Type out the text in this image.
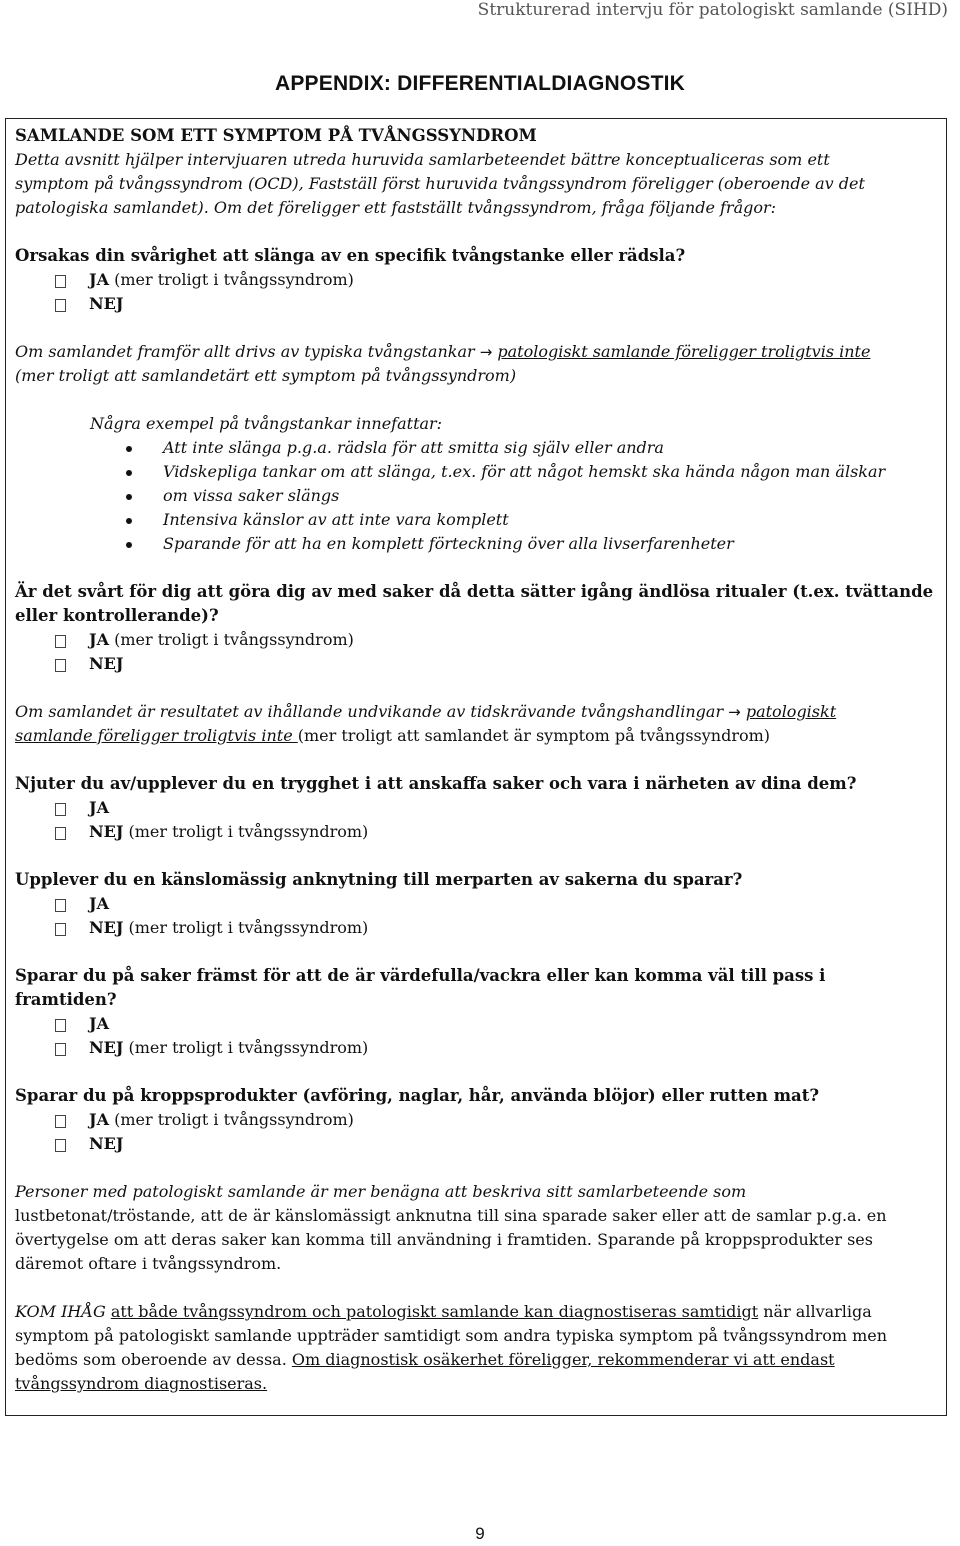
Strukturerad intervju för patologiskt samlande (SIHD)
APPENDIX: DIFFERENTIALDIAGNOSTIK

SAMLANDE SOM ETT SYMPTOM PÅ TVÅNGSSYNDROM

Detta avsnitt hjälper intervjuaren utreda huruvida samlarbeteendet bättre konceptualiceras som ett

symptom på tvångssyndrom (OCD), Fastställ först huruvida tvångssyndrom föreligger (oberoende av det

patologiska samlandet). Om det föreligger ett fastställt tvångssyndrom, fråga följande frågor:

Orsakas din svårighet att slänga av en specifik tvångstanke eller rädsla?

JA (mer troligt i tvångssyndrom)

NEJ

Om samlandet framför allt drivs av typiska tvångstankar → patologiskt samlande föreligger troligtvis inte

(mer troligt att samlandetärt ett symptom på tvångssyndrom)

Några exempel på tvångstankar innefattar:

Att inte slänga p.g.a. rädsla för att smitta sig själv eller andra
Vidskepliga tankar om att slänga, t.ex. för att något hemskt ska hända någon man älskar
om vissa saker slängs
Intensiva känslor av att inte vara komplett
Sparande för att ha en komplett förteckning över alla livserfarenheter

Är det svårt för dig att göra dig av med saker då detta sätter igång ändlösa ritualer (t.ex. tvättande

eller kontrollerande)?

JA (mer troligt i tvångssyndrom)

NEJ

Om samlandet är resultatet av ihållande undvikande av tidskrävande tvångshandlingar → patologiskt

samlande föreligger troligtvis inte (mer troligt att samlandet är symptom på tvångssyndrom)

Njuter du av/upplever du en trygghet i att anskaffa saker och vara i närheten av dina dem?

JA

NEJ (mer troligt i tvångssyndrom)

Upplever du en känslomässig anknytning till merparten av sakerna du sparar?

JA

NEJ (mer troligt i tvångssyndrom)

Sparar du på saker främst för att de är värdefulla/vackra eller kan komma väl till pass i

framtiden?

JA

NEJ (mer troligt i tvångssyndrom)

Sparar du på kroppsprodukter (avföring, naglar, hår, använda blöjor) eller rutten mat?

JA (mer troligt i tvångssyndrom)

NEJ

Personer med patologiskt samlande är mer benägna att beskriva sitt samlarbeteende som

lustbetonat/tröstande, att de är känslomässigt anknutna till sina sparade saker eller att de samlar p.g.a. en

övertygelse om att deras saker kan komma till användning i framtiden. Sparande på kroppsprodukter ses

däremot oftare i tvångssyndrom.

KOM IHÅG att både tvångssyndrom och patologiskt samlande kan diagnostiseras samtidigt när allvarliga

symptom på patologiskt samlande uppträder samtidigt som andra typiska symptom på tvångssyndrom men

bedöms som oberoende av dessa. Om diagnostisk osäkerhet föreligger, rekommenderar vi att endast

tvångssyndrom diagnostiseras.

9
